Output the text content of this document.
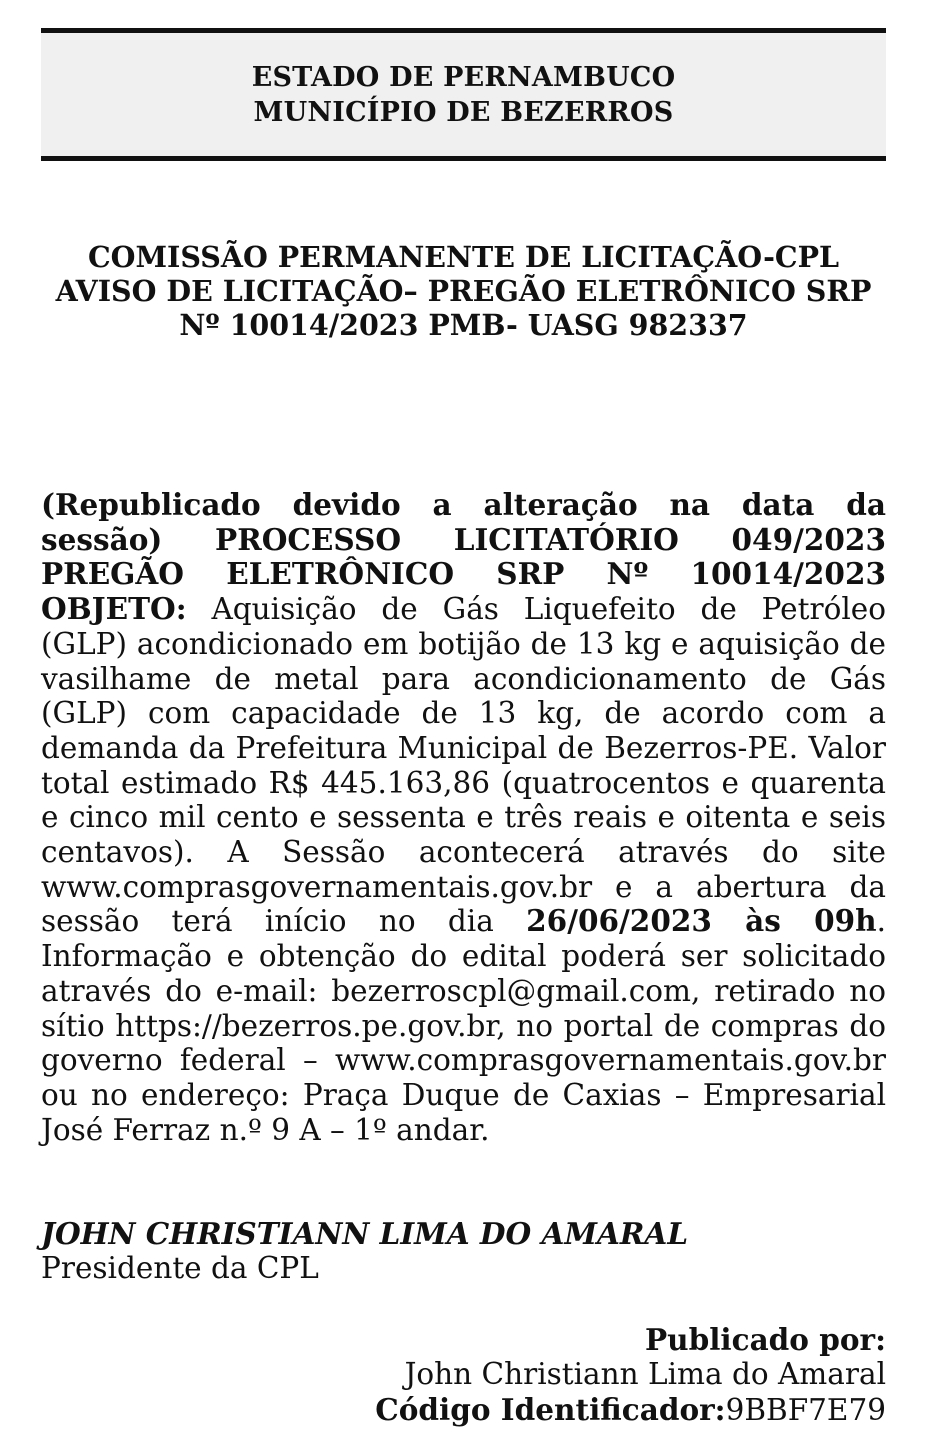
ESTADO DE PERNAMBUCO
MUNICÍPIO DE BEZERROS
COMISSÃO PERMANENTE DE LICITAÇÃO-CPL
AVISO DE LICITAÇÃO– PREGÃO ELETRÔNICO SRP
Nº 10014/2023 PMB- UASG 982337

(Republicado devido a alteração na data da sessão) PROCESSO LICITATÓRIO 049/2023 PREGÃO ELETRÔNICO SRP Nº 10014/2023 OBJETO: Aquisição de Gás Liquefeito de Petróleo (GLP) acondicionado em botijão de 13 kg e aquisição de vasilhame de metal para acondicionamento de Gás (GLP) com capacidade de 13 kg, de acordo com a demanda da Prefeitura Municipal de Bezerros-PE. Valor total estimado R$ 445.163,86 (quatrocentos e quarenta e cinco mil cento e sessenta e três reais e oitenta e seis centavos). A Sessão acontecerá através do site www.comprasgovernamentais.gov.br e a abertura da sessão terá início no dia 26/06/2023 às 09h. Informação e obtenção do edital poderá ser solicitado através do e-mail: bezerroscpl@gmail.com, retirado no sítio https://bezerros.pe.gov.br, no portal de compras do governo federal – www.comprasgovernamentais.gov.br ou no endereço: Praça Duque de Caxias – Empresarial José Ferraz n.º 9 A – 1º andar.

JOHN CHRISTIANN LIMA DO AMARAL
Presidente da CPL
Publicado por:
John Christiann Lima do Amaral
Código Identificador:9BBF7E79
